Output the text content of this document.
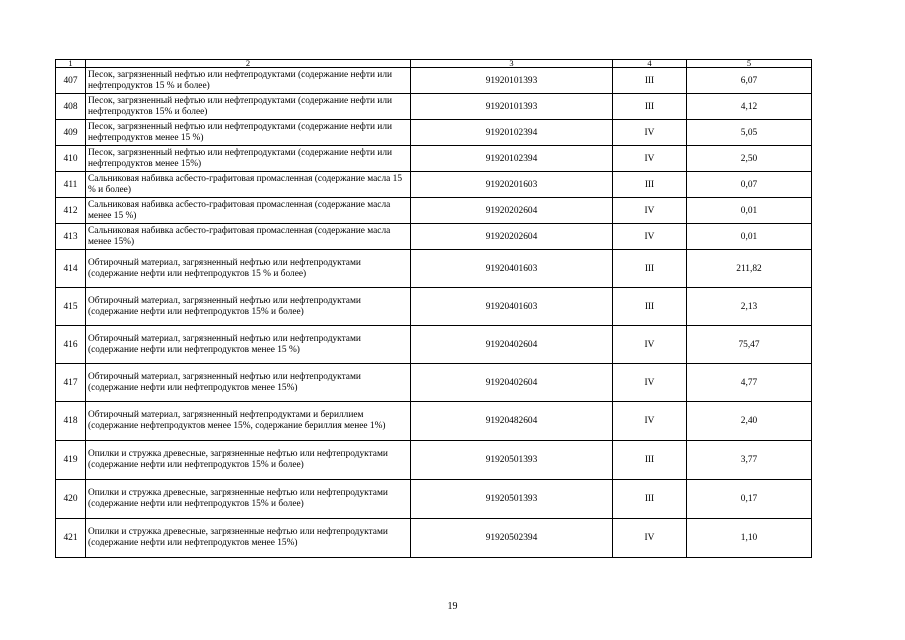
1	2	3	4	5
407	Песок, загрязненный нефтью или нефтепродуктами (содержание нефти или нефтепродуктов 15 % и более)	91920101393	III	6,07
408	Песок, загрязненный нефтью или нефтепродуктами (содержание нефти или нефтепродуктов 15% и более)	91920101393	III	4,12
409	Песок, загрязненный нефтью или нефтепродуктами (содержание нефти или нефтепродуктов менее 15 %)	91920102394	IV	5,05
410	Песок, загрязненный нефтью или нефтепродуктами (содержание нефти или нефтепродуктов менее 15%)	91920102394	IV	2,50
411	Сальниковая набивка асбесто-графитовая промасленная (содержание масла 15 % и более)	91920201603	III	0,07
412	Сальниковая набивка асбесто-графитовая промасленная (содержание масла менее 15 %)	91920202604	IV	0,01
413	Сальниковая набивка асбесто-графитовая промасленная (содержание масла менее 15%)	91920202604	IV	0,01
414	Обтирочный материал, загрязненный нефтью или нефтепродуктами (содержание нефти или нефтепродуктов 15 % и более)	91920401603	III	211,82
415	Обтирочный материал, загрязненный нефтью или нефтепродуктами (содержание нефти или нефтепродуктов 15% и более)	91920401603	III	2,13
416	Обтирочный материал, загрязненный нефтью или нефтепродуктами (содержание нефти или нефтепродуктов менее 15 %)	91920402604	IV	75,47
417	Обтирочный материал, загрязненный нефтью или нефтепродуктами (содержание нефти или нефтепродуктов менее 15%)	91920402604	IV	4,77
418	Обтирочный материал, загрязненный нефтепродуктами и бериллием (содержание нефтепродуктов менее 15%, содержание бериллия менее 1%)	91920482604	IV	2,40
419	Опилки и стружка древесные, загрязненные нефтью или нефтепродуктами (содержание нефти или нефтепродуктов 15% и более)	91920501393	III	3,77
420	Опилки и стружка древесные, загрязненные нефтью или нефтепродуктами (содержание нефти или нефтепродуктов 15% и более)	91920501393	III	0,17
421	Опилки и стружка древесные, загрязненные нефтью или нефтепродуктами (содержание нефти или нефтепродуктов менее 15%)	91920502394	IV	1,10
19
